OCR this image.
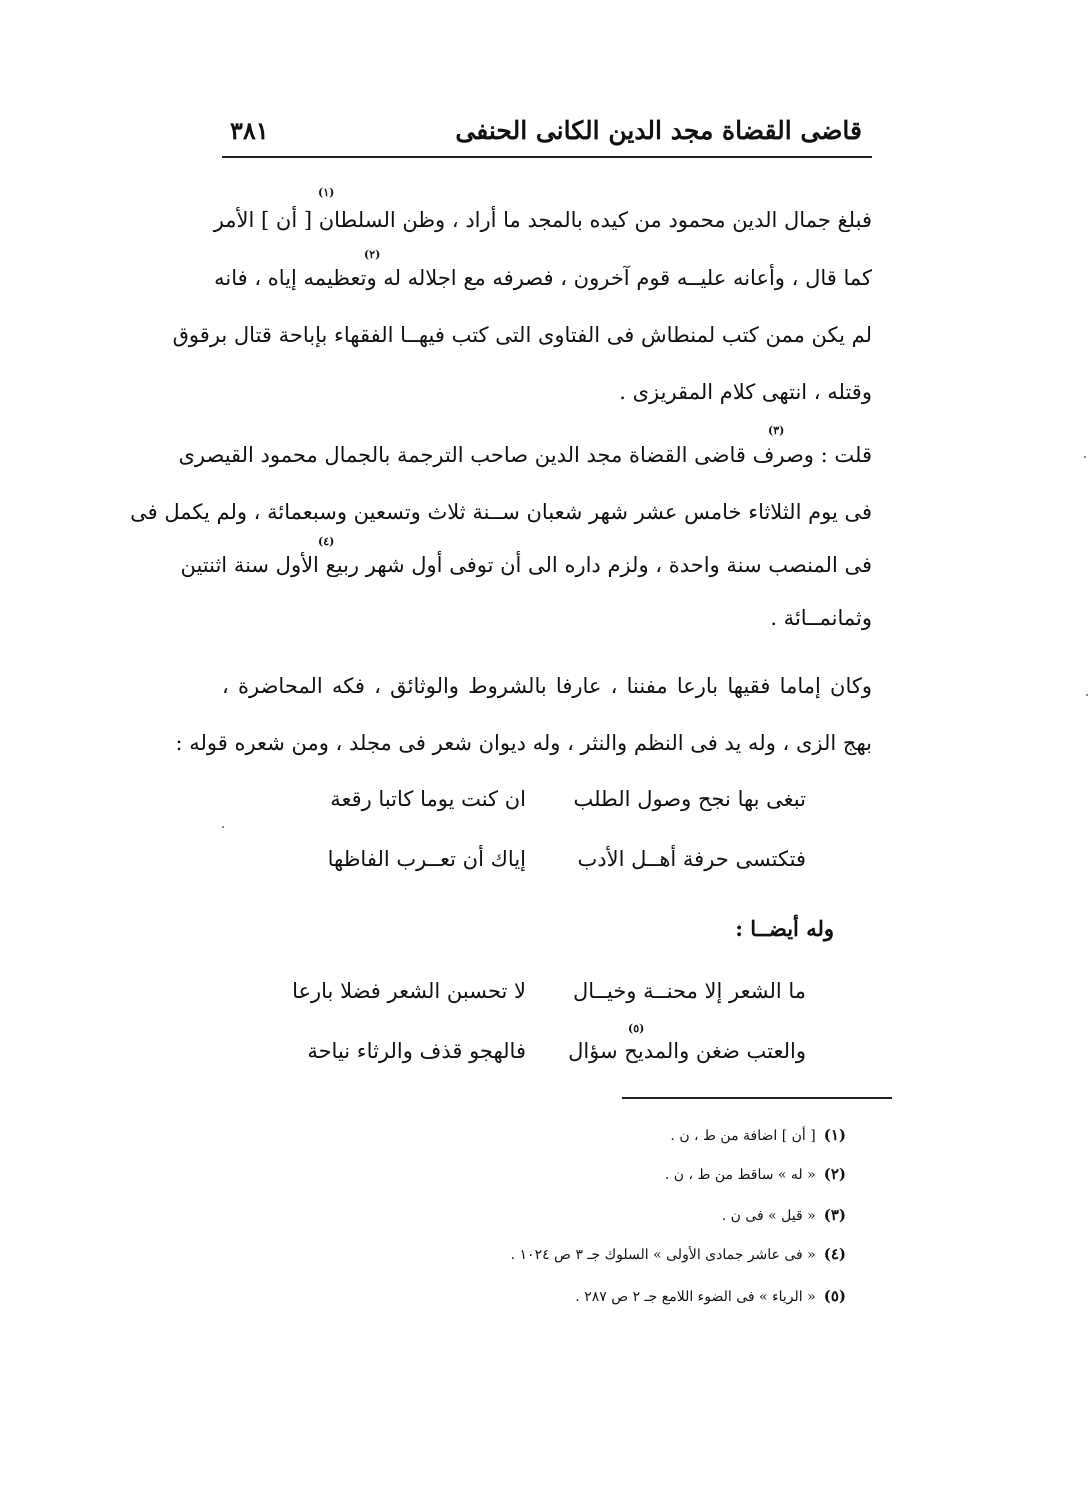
٣٨١	قاضى القضاة مجد الدين الكانى الحنفى
(١)
فبلغ جمال الدين محمود من كيده بالمجد ما أراد ، وظن السلطان [ أن ] الأمر
(٢)
كما قال ، وأعانه عليــه قوم آخرون ، فصرفه مع اجلاله له وتعظيمه إياه ، فانه
لم يكن ممن كتب لمنطاش فى الفتاوى التى كتب فيهــا الفقهاء بإباحة قتال برقوق
وقتله ، انتهى كلام المقريزى .
(٣)
قلت : وصرف قاضى القضاة مجد الدين صاحب الترجمة بالجمال محمود القيصرى
فى يوم الثلاثاء خامس عشر شهر شعبان ســنة ثلاث وتسعين وسبعمائة ، ولم يكمل فى
(٤)
فى المنصب سنة واحدة ، ولزم داره الى أن توفى أول شهر ربيع الأول سنة اثنتين
وثمانمــائة .
وكان إماما فقيها بارعا مفننا ، عارفا بالشروط والوثائق ، فكه المحاضرة ،
بهج الزى ، وله يد فى النظم والنثر ، وله ديوان شعر فى مجلد ، ومن شعره قوله :
ان كنت يوما كاتبا رقعة تبغى بها نجح وصول الطلب
إياك أن تعــرب الفاظها فتكتسى حرفة أهــل الأدب
وله أيضــا :
لا تحسبن الشعر فضلا بارعا ما الشعر إلا محنــة وخيــال
(٥)
فالهجو قذف والرثاء نياحة والعتب ضغن والمديح سؤال
(١)[ أن ] اضافة من ط ، ن .
(٢)« له » ساقط من ط ، ن .
(٣)« قيل » فى ن .
(٤)« فى عاشر جمادى الأولى » السلوك جـ ٣ ص ١٠٢٤ .
(٥)« الرياء » فى الضوء اللامع جـ ٢ ص ٢٨٧ .
